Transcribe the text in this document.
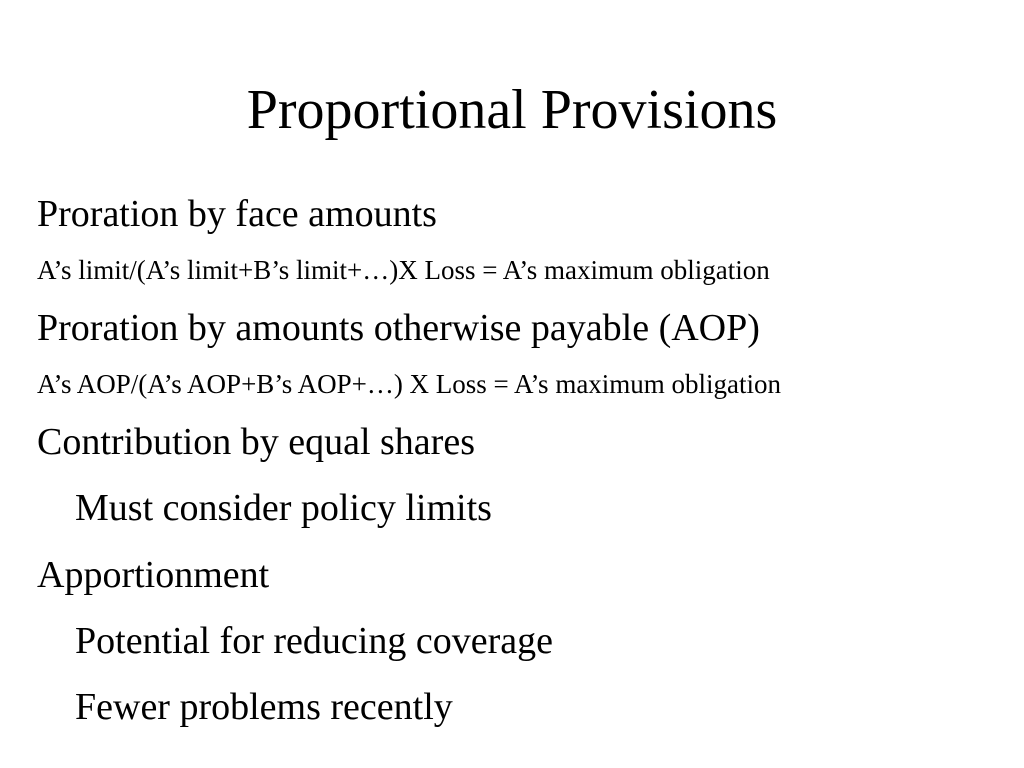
Proportional Provisions
Proration by face amounts
A’s limit/(A’s limit+B’s limit+…)X Loss = A’s maximum obligation
Proration by amounts otherwise payable (AOP)
A’s AOP/(A’s AOP+B’s AOP+…) X Loss = A’s maximum obligation
Contribution by equal shares
Must consider policy limits
Apportionment
Potential for reducing coverage
Fewer problems recently
